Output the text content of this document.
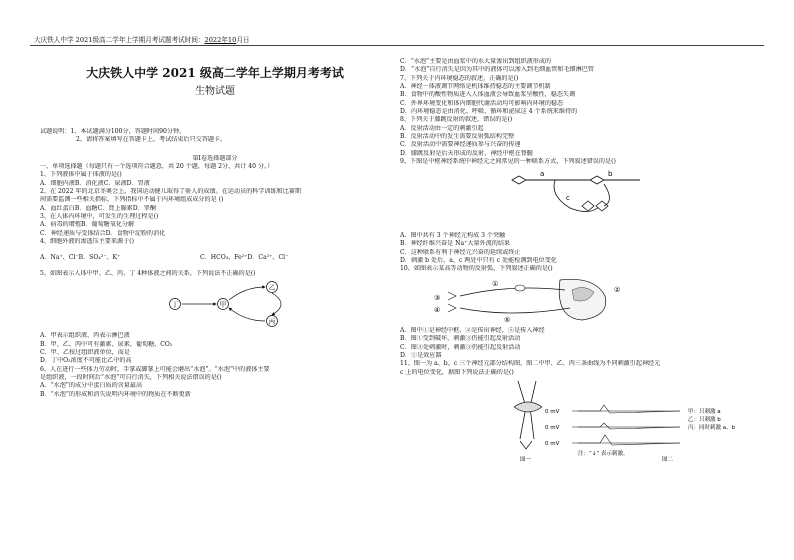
大庆铁人中学 2021级高二学年上学期月考试题考试时间：2022年10月日
大庆铁人中学 2021 级高二学年上学期月考考试
生物试题
试题说明：1、本试题满分100分，答题时间90分钟。
2、请将答案填写在答题卡上，考试结束后只交答题卡。
第Ⅰ卷选择题部分
一、单项选择题（每题只有一个选项符合题意，共 20 个题，每题 2分，共计 40 分。）
1、下列液体中属于体液的是()
A．细胞内液B．消化液C．尿液D．胃液
2、在 2022 年的北京冬奥会上，我国运动健儿取得了骄人的成绩。在运动员的科学训练和比赛期
间需要监测一些相关指标，下列指标中不属于内环境组成成分的是 ()
A．血红蛋白B．血糖C．肾上腺素D．睾酮
3、在人体内环境中，可发生的生理过程是()
A．病毒的增殖B．葡萄糖氧化分解
C．神经递质与受体结合D．食物中淀粉的消化
4、细胞外液的渗透压主要来源于()
A．Na⁺、Cl⁻B．SO₄²⁻、K⁺	C．HCO₃、Fe²⁺D．Ca²⁺、Cl⁻
5、如图表示人体中甲、乙、丙、丁 4种体液之间的关系，下列说法不正确的是()
丁	甲
乙
丙
A．甲表示组织液、丙表示淋巴液
B．甲、乙、丙中可有激素、尿素、葡萄糖、CO₂
C．甲、乙按过组织液单位，而是
D．丁中O₂浓度不可能比乙中的高
6、人在进行一些体力劳动时，手掌或脚掌上可能会磨出“水泡”。“水泡”中的液体主要
是组织液，一段时间后“水泡”可自行消失，下列相关说法错误的是()
A．“水泡”的成分中蛋白质的含量最高
B．“水泡”的形成和消失说明内环境中的物质在不断更新
C．“水泡”主要是由血浆中的水大量渗出到组织液形成的
D．“水泡”自行消失是因为其中的液体可以渗入到毛细血管和毛细淋巴管
7、下列关于内环境稳态的叙述，正确的是()
A．神经－体液调节网络是机体维持稳态的主要调节机制
B．食物中的酸性物质进入人体血液会导致血浆呈酸性，稳态失调
C．外界环境变化和体内细胞代谢活动均可影响内环境的稳态
D．内环境稳态是由消化、呼吸、循环和泌尿这 4 个系统来维持的
8、下列关于膝跳反射的叙述，错误的是()
A．反射活动由一定的刺激引起
B．反射活动中的发生需要反射弧结构完整
C．反射活动中需要神经递质参与兴奋的传递
D．膝跳反射是后天形成的反射，神经中枢在脊髓
9、下图是中枢神经系统中神经元之间常见的一种联系方式，下列叙述错误的是()
a	b
c
A．图中共有 3 个神经元构成 3 个突触
B．神经纤维兴奋是 Na⁺大量外流的结果
C．这种联系有利于神经元兴奋的延续或终止
D．刺激 b 处后，a、c 两处中只有 c 处能检测到电位变化
10、如图表示某高等动物的反射弧，下列叙述正确的是()
①
②
③
④
⑤
A．图中①是神经中枢，②是传出神经，⑤是传入神经
B．图①受到破坏，刺激③仍能引起反射活动
C．图③处刺激时，刺激③仍能引起反射活动
D．①是效应器
11、图一为 a、b、c 三个神经元部分结构图，图二中甲、乙、丙三条曲线为不同刺激引起神经元
c 上的电位变化，据图下列说法正确的是()
0 mV
0 mV
0 mV
甲：只刺激 a
乙：只刺激 b
丙：同时刺激 a、b
注：“↓” 表示刺激。
图一	图二
